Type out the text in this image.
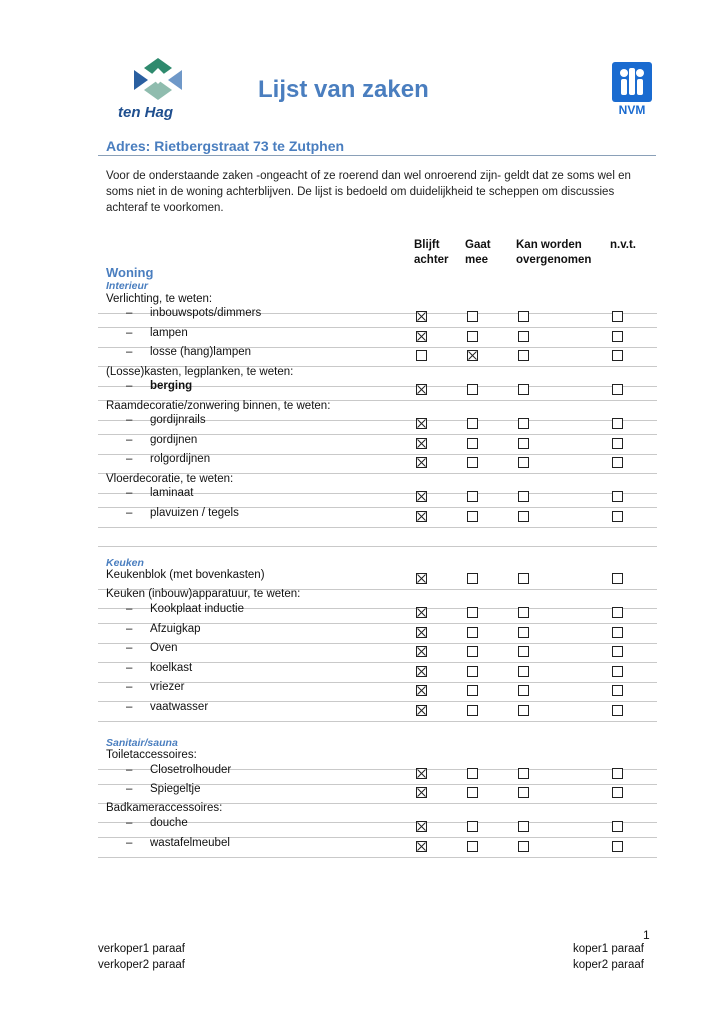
ten Hag	NVM
Lijst van zaken
Adres: Rietbergstraat 73 te Zutphen
Voor de onderstaande zaken -ongeacht of ze roerend dan wel onroerend zijn- geldt dat ze soms wel en soms niet in de woning achterblijven. De lijst is bedoeld om duidelijkheid te scheppen om discussies achteraf te voorkomen.
Blijft
achter
Gaat
mee
Kan worden
overgenomen
n.v.t.
Woning
Interieur
Keuken
Sanitair/sauna
Verlichting, te weten:
– inbouwspots/dimmers
– lampen
– losse (hang)lampen
(Losse)kasten, legplanken, te weten:
– berging
Raamdecoratie/zonwering binnen, te weten:
– gordijnrails
– gordijnen
– rolgordijnen
Vloerdecoratie, te weten:
– laminaat
– plavuizen / tegels
Keukenblok (met bovenkasten)
Keuken (inbouw)apparatuur, te weten:
– Kookplaat inductie
– Afzuigkap
– Oven
– koelkast
– vriezer
– vaatwasser
Toiletaccessoires:
– Closetrolhouder
– Spiegeltje
Badkameraccessoires:
– douche
– wastafelmeubel
1
verkoper1 paraaf
verkoper2 paraaf
koper1 paraaf
koper2 paraaf
